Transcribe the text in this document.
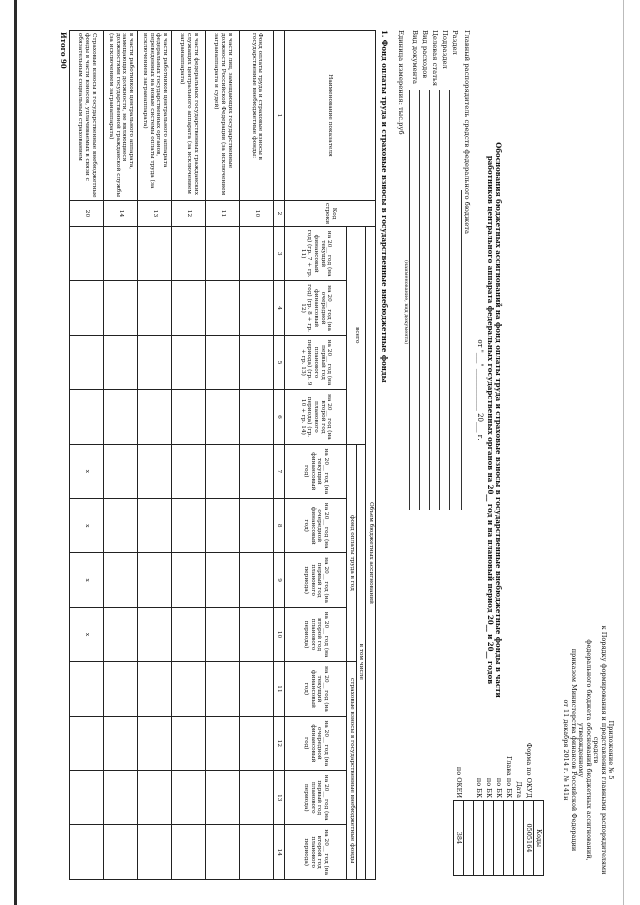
Приложение № 5
к Порядку формирования и представления главными распорядителями средств
федерального бюджета обоснований бюджетных ассигнований, утвержденному
приказом Министерства финансов Российской Федерации
от 11 декабря 2014 г. № 141н
	Коды
Форма по ОКУД	0505164
Дата	
Глава по БК	
по БК	
по БК	
по БК	

по ОКЕИ	384
Обоснования бюджетных ассигнований на фонд оплаты труда и страховые взносы в государственные внебюджетные фонды в части работников центрального аппарата федеральных государственных органов на 20__ год и на плановый период 20__ и 20__ годов
от "___" ____________ 20___ г.
Главный распорядитель средств федерального бюджета
Раздел
Подраздел
Целевая статья
Вид расходов
Вид документа
Единица измерения: тыс.руб
(наименование, вид документа)
1. Фонд оплаты труда и страховые взносы в государственные внебюджетные фонды
Наименование показателя	Код строки	Объем бюджетных ассигнований											
		всего				в том числе							
						фонд оплаты труда в год				страховые взносы в государственные внебюджетные фонды			
		на 20__ год (на текущий финансовый год) (гр. 7 + гр. 11)	на 20__ год (на очередной финансовый год) (гр. 8 + гр. 12)	на 20__ год (на первый год планового периода) (гр. 9 + гр. 13)	на 20__ год (на второй год планового периода) (гр. 10 + гр. 14)	на 20__ год (на текущий финансовый год)	на 20__ год (на очередной финансовый год)	на 20__ год (на первый год планового периода)	на 20__ год (на второй год планового периода)	на 20__ год (на текущий финансовый год)	на 20__ год (на очередной финансовый год)	на 20__ год (на первый год планового периода)	на 20__ год (на второй год планового периода)
1	2	3	4	5	6	7	8	9	10	11	12	13	14
Фонд оплаты труда и страховые взносы в государственные внебюджетные фонды:	10												
в части лиц, замещающих государственные должности Российской Федерации (за исключением загранаппарата и судей)	11												
в части федеральных государственных гражданских служащих центрального аппарата (за исключением загранаппарата)	12												
в части работников центрального аппарата федеральных государственных органов, переведенных на новые системы оплаты труда (за исключением загранаппарата)	13												
в части работников центрального аппарата, замещающих должности, не являющиеся должностями государственной гражданской службы (за исключением загранаппарата)	14												
Страховые взносы в государственные внебюджетные фонды в части взносов, уплачиваемых в связи с обязательным социальным страхованием	20					x	x	x	x				
Итого 90
